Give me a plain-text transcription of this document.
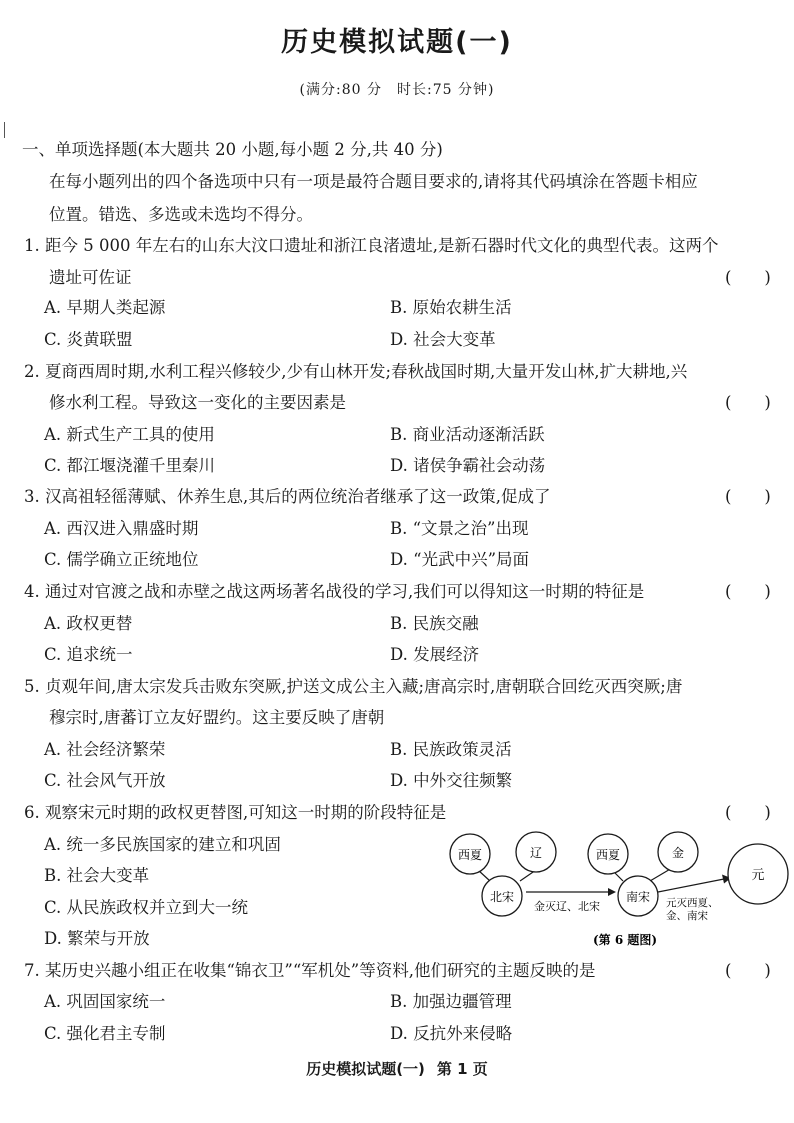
历史模拟试题(一)
(满分:80 分　时长:75 分钟)
一、单项选择题(本大题共 20 小题,每小题 2 分,共 40 分)
在每小题列出的四个备选项中只有一项是最符合题目要求的,请将其代码填涂在答题卡相应
位置。错选、多选或未选均不得分。
1. 距今 5 000 年左右的山东大汶口遗址和浙江良渚遗址,是新石器时代文化的典型代表。这两个
遗址可佐证	(　　)
A. 早期人类起源	B. 原始农耕生活
C. 炎黄联盟	D. 社会大变革
2. 夏商西周时期,水利工程兴修较少,少有山林开发;春秋战国时期,大量开发山林,扩大耕地,兴
修水利工程。导致这一变化的主要因素是	(　　)
A. 新式生产工具的使用	B. 商业活动逐渐活跃
C. 都江堰浇灌千里秦川	D. 诸侯争霸社会动荡
3. 汉高祖轻徭薄赋、休养生息,其后的两位统治者继承了这一政策,促成了	(　　)
A. 西汉进入鼎盛时期	B. “文景之治”出现
C. 儒学确立正统地位	D. “光武中兴”局面
4. 通过对官渡之战和赤壁之战这两场著名战役的学习,我们可以得知这一时期的特征是	(　　)
A. 政权更替	B. 民族交融
C. 追求统一	D. 发展经济
5. 贞观年间,唐太宗发兵击败东突厥,护送文成公主入藏;唐高宗时,唐朝联合回纥灭西突厥;唐
穆宗时,唐蕃订立友好盟约。这主要反映了唐朝
A. 社会经济繁荣	B. 民族政策灵活
C. 社会风气开放	D. 中外交往频繁
6. 观察宋元时期的政权更替图,可知这一时期的阶段特征是	(　　)
A. 统一多民族国家的建立和巩固
B. 社会大变革
C. 从民族政权并立到大一统
D. 繁荣与开放
西夏	辽
北宋
西夏	金
南宋
元
金灭辽、北宋	元灭西夏、
金、南宋
(第 6 题图)
7. 某历史兴趣小组正在收集“锦衣卫”“军机处”等资料,他们研究的主题反映的是	(　　)
A. 巩固国家统一	B. 加强边疆管理
C. 强化君主专制	D. 反抗外来侵略
历史模拟试题(一) 第 1 页
